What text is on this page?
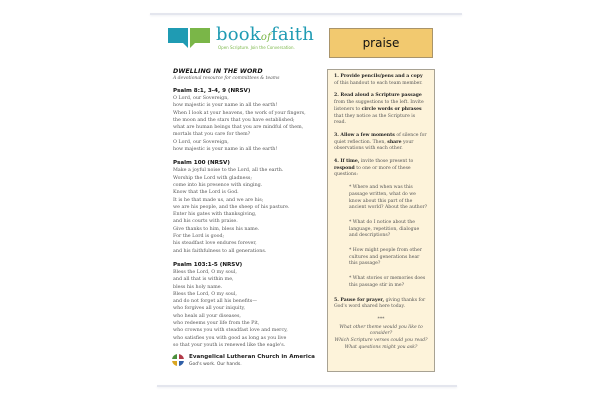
bookoffaith
Open Scripture. Join the Conversation.	praise
DWELLING IN THE WORD
A devotional resource for committees & teams
Psalm 8:1, 3-4, 9 (NRSV)
O Lord, our Sovereign,
how majestic is your name in all the earth!
When I look at your heavens, the work of your fingers,
the moon and the stars that you have established;
what are human beings that you are mindful of them,
mortals that you care for them?
O Lord, our Sovereign,
how majestic is your name in all the earth!
Psalm 100 (NRSV)
Make a joyful noise to the Lord, all the earth.
Worship the Lord with gladness;
come into his presence with singing.
Know that the Lord is God.
It is he that made us, and we are his;
we are his people, and the sheep of his pasture.
Enter his gates with thanksgiving,
and his courts with praise.
Give thanks to him, bless his name.
For the Lord is good;
his steadfast love endures forever,
and his faithfulness to all generations.
Psalm 103:1-5 (NRSV)
Bless the Lord, O my soul,
and all that is within me,
bless his holy name.
Bless the Lord, O my soul,
and do not forget all his benefits—
who forgives all your iniquity,
who heals all your diseases,
who redeems your life from the Pit,
who crowns you with steadfast love and mercy,
who satisfies you with good as long as you live
so that your youth is renewed like the eagle's.
Evangelical Lutheran Church in America
God's work. Our hands.

1. Provide pencils/pens and a copy of this handout to each team member.

2. Read aloud a Scripture passage from the suggestions to the left. Invite listeners to circle words or phrases that they notice as the Scripture is read.

3. Allow a few moments of silence for quiet reflection. Then, share your observations with each other.

4. If time, invite those present to respond to one or more of these questions:

* Where and when was this passage written, what do we know about this part of the ancient world? About the author?

* What do I notice about the language, repetition, dialogue and descriptions?

* How might people from other cultures and generations hear this passage?

* What stories or memories does this passage stir in me?

5. Pause for prayer, giving thanks for God's word shared here today.

***
What other theme would you like to consider?
Which Scripture verses could you read?
What questions might you ask?
